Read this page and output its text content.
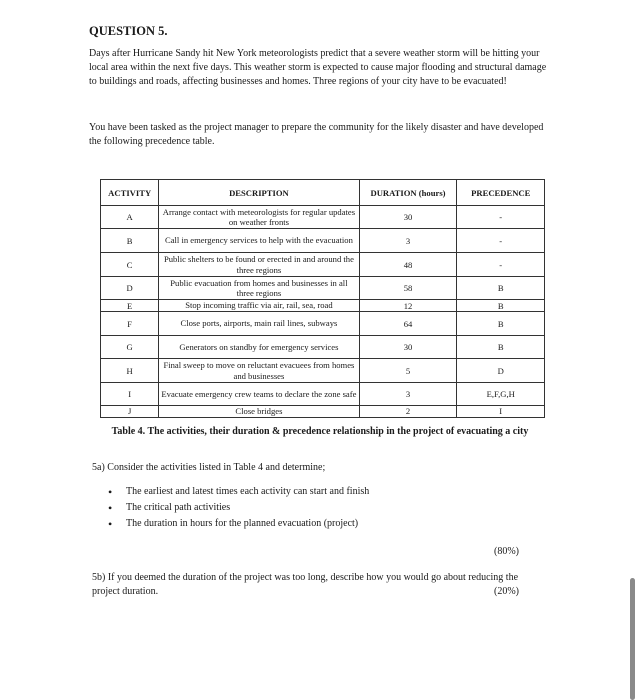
QUESTION 5.
Days after Hurricane Sandy hit New York meteorologists predict that a severe weather storm will be hitting your local area within the next five days. This weather storm is expected to cause major flooding and structural damage to buildings and roads, affecting businesses and homes. Three regions of your city have to be evacuated!
You have been tasked as the project manager to prepare the community for the likely disaster and have developed the following precedence table.
ACTIVITY	DESCRIPTION	DURATION (hours)	PRECEDENCE
A	Arrange contact with meteorologists for regular updates on weather fronts	30	-
B	Call in emergency services to help with the evacuation	3	-
C	Public shelters to be found or erected in and around the three regions	48	-
D	Public evacuation from homes and businesses in all three regions	58	B
E	Stop incoming traffic via air, rail, sea, road	12	B
F	Close ports, airports, main rail lines, subways	64	B
G	Generators on standby for emergency services	30	B
H	Final sweep to move on reluctant evacuees from homes and businesses	5	D
I	Evacuate emergency crew teams to declare the zone safe	3	E,F,G,H
J	Close bridges	2	I
Table 4. The activities, their duration & precedence relationship in the project of evacuating a city
5a) Consider the activities listed in Table 4 and determine;
• The earliest and latest times each activity can start and finish
• The critical path activities
• The duration in hours for the planned evacuation (project)
(80%)
5b) If you deemed the duration of the project was too long, describe how you would go about reducing the project duration.	(20%)
